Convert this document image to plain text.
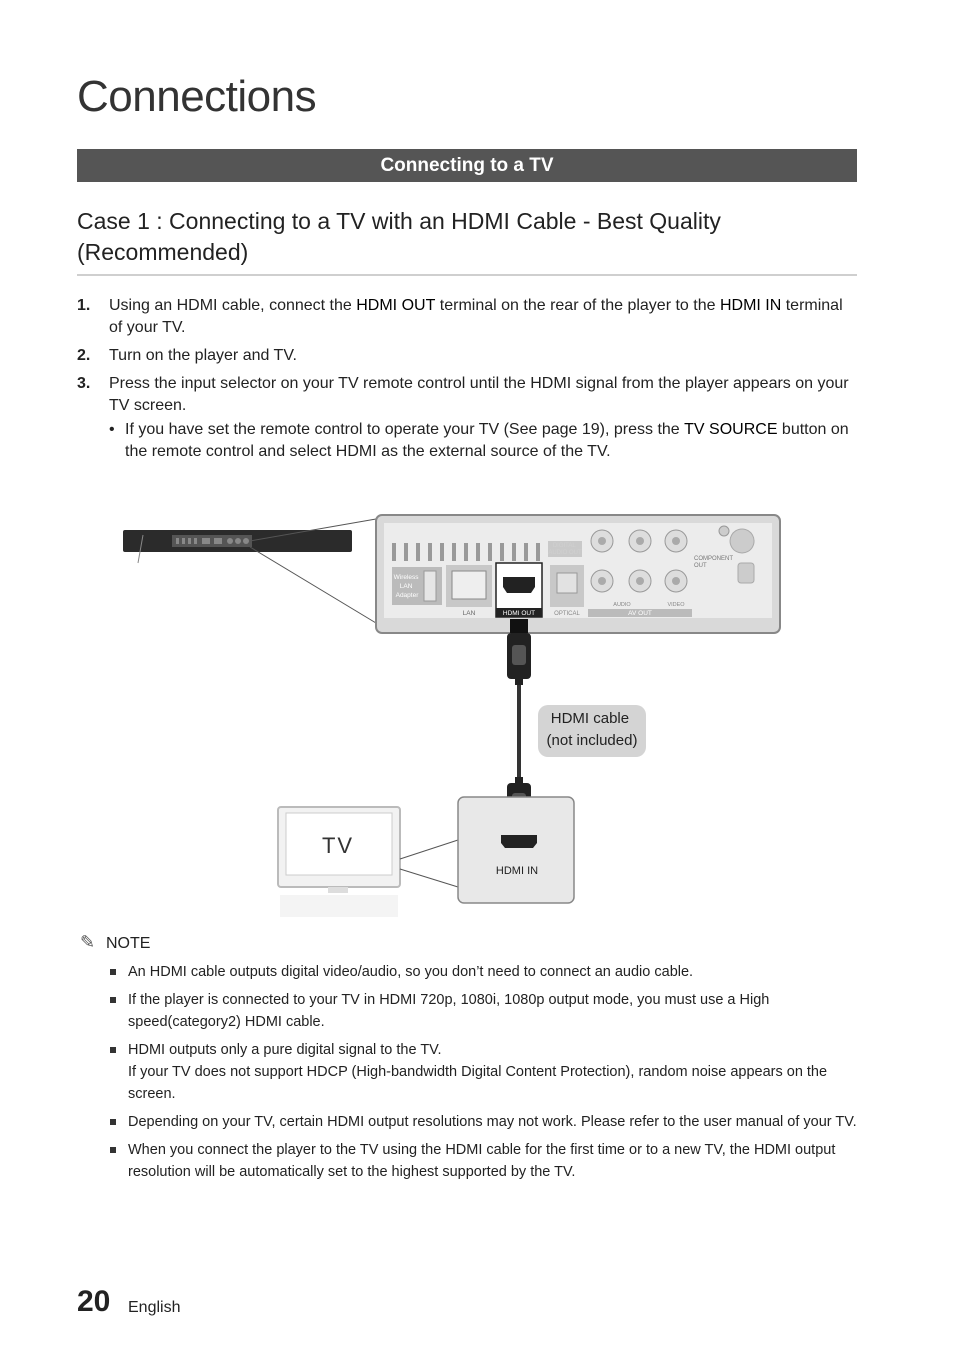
Connections
Connecting to a TV
Case 1 : Connecting to a TV with an HDMI Cable - Best Quality (Recommended)
1. Using an HDMI cable, connect the HDMI OUT terminal on the rear of the player to the HDMI IN terminal of your TV.
2. Turn on the player and TV.
3. Press the input selector on your TV remote control until the HDMI signal from the player appears on your TV screen.
• If you have set the remote control to operate your TV (See page 19), press the TV SOURCE button on the remote control and select HDMI as the external source of the TV.
Wireless LAN Adapter
LAN	HDMI OUT	OPTICAL
AUDIO	VIDEO
AV OUT
COMPONENT OUT
HDMI cable (not included)
TV
HDMI IN
✎ NOTE
An HDMI cable outputs digital video/audio, so you don’t need to connect an audio cable.
If the player is connected to your TV in HDMI 720p, 1080i, 1080p output mode, you must use a High speed(category2) HDMI cable.
HDMI outputs only a pure digital signal to the TV.
If your TV does not support HDCP (High-bandwidth Digital Content Protection), random noise appears on the screen.
Depending on your TV, certain HDMI output resolutions may not work. Please refer to the user manual of your TV.
When you connect the player to the TV using the HDMI cable for the first time or to a new TV, the HDMI output resolution will be automatically set to the highest supported by the TV.
20 English
